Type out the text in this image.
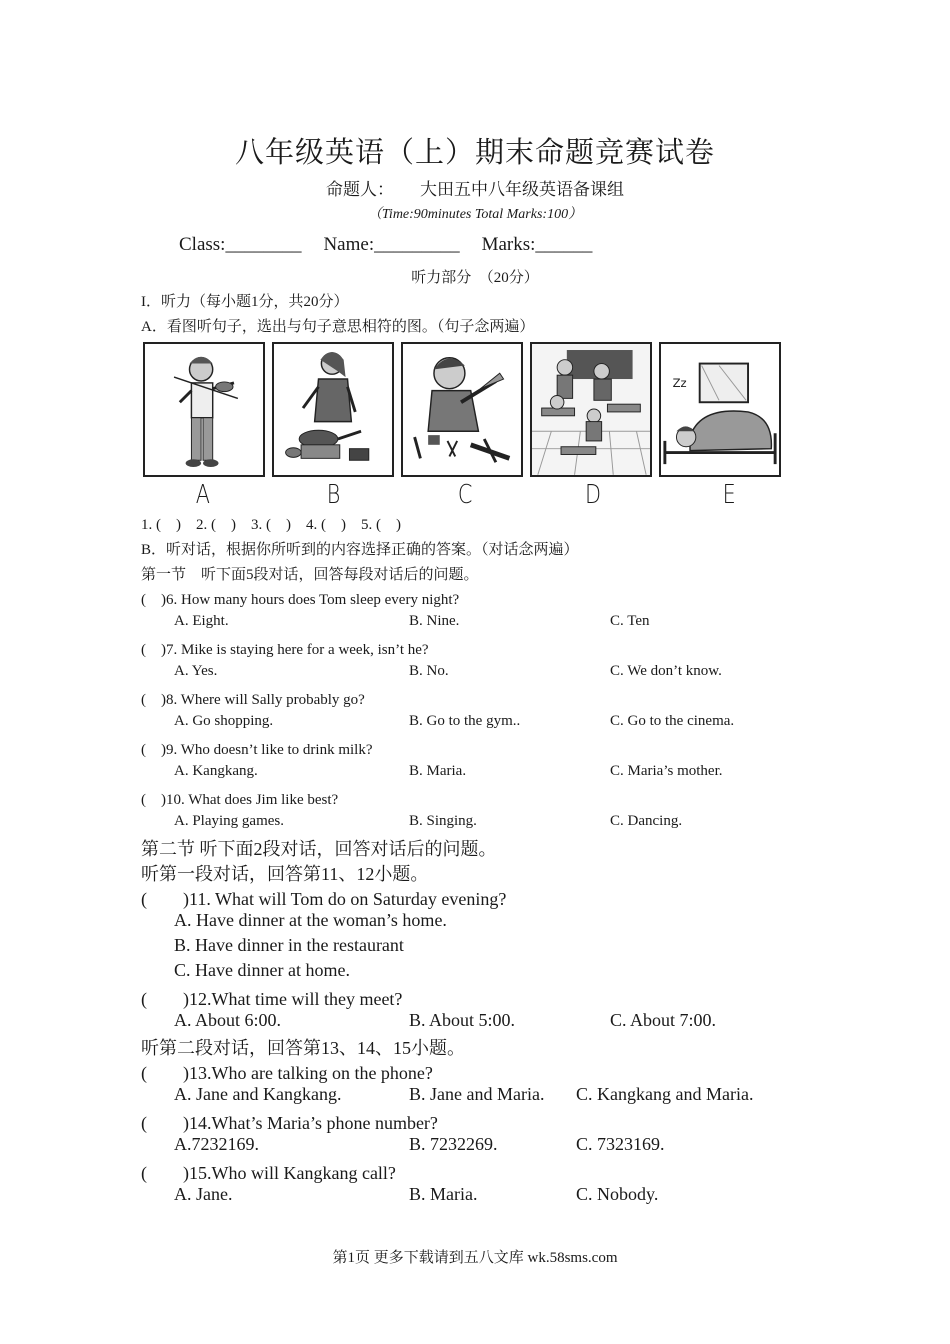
八年级英语（上）期末命题竞赛试卷
命题人： 大田五中八年级英语备课组
（Time:90minutes Total Marks:100）
Class:________ Name:_________ Marks:______
听力部分　（20分）
I．听力（每小题1分，共20分）
A．看图听句子，选出与句子意思相符的图。（句子念两遍）
Zz
A	B	C	D	E
1. (　)　2. (　)　3. (　)　4. (　)　5. (　)
B．听对话，根据你所听到的内容选择正确的答案。（对话念两遍）
第一节　听下面5段对话，回答每段对话后的问题。
(　)6. How many hours does Tom sleep every night?
A. Eight.	B. Nine.	C. Ten
(　)7. Mike is staying here for a week, isn’t he?
A. Yes.	B. No.	C. We don’t know.
(　)8. Where will Sally probably go?
A. Go shopping.	B. Go to the gym..	C. Go to the cinema.
(　)9. Who doesn’t like to drink milk?
A. Kangkang.	B. Maria.	C. Maria’s mother.
(　)10. What does Jim like best?
A. Playing games.	B. Singing.	C. Dancing.
第二节 听下面2段对话，回答对话后的问题。
听第一段对话，回答第11、12小题。
(　　)11. What will Tom do on Saturday evening?
A. Have dinner at the woman’s home.
B. Have dinner in the restaurant
C. Have dinner at home.
(　　)12.What time will they meet?
A. About 6:00.	B. About 5:00.	C. About 7:00.
听第二段对话，回答第13、14、15小题。
(　　)13.Who are talking on the phone?
A. Jane and Kangkang.	B. Jane and Maria. C. Kangkang and Maria.
(　　)14.What’s Maria’s phone number?
A.7232169.	B. 7232269.	C. 7323169.
(　　)15.Who will Kangkang call?
A. Jane.	B. Maria.	C. Nobody.
第1页 更多下载请到五八文库 wk.58sms.com
